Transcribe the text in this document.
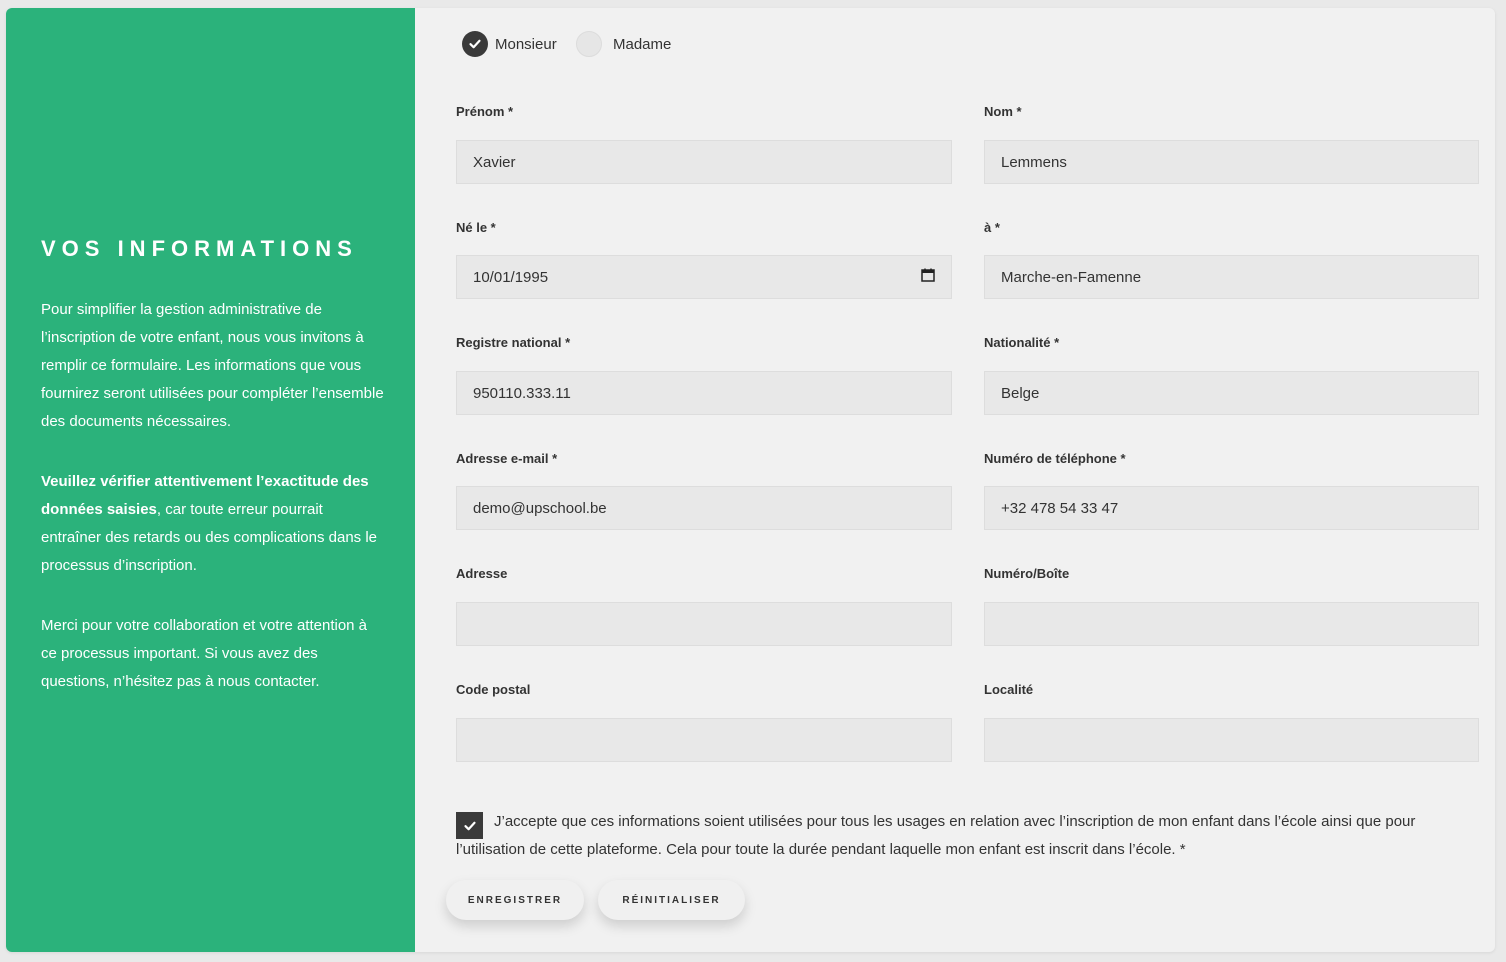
VOS INFORMATIONS

Pour simplifier la gestion administrative de l’inscription de votre enfant, nous vous invitons à remplir ce formulaire. Les informations que vous fournirez seront utilisées pour compléter l’ensemble des documents nécessaires.

Veuillez vérifier attentivement l’exactitude des données saisies, car toute erreur pourrait entraîner des retards ou des complications dans le processus d’inscription.

Merci pour votre collaboration et votre attention à ce processus important. Si vous avez des questions, n’hésitez pas à nous contacter.

Monsieur	Madame
Prénom *
Xavier
Nom *
Lemmens
Né le *
10/01/1995
à *
Marche-en-Famenne
Registre national *
950110.333.11
Nationalité *
Belge
Adresse e-mail *
demo@upschool.be
Numéro de téléphone *
+32 478 54 33 47
Adresse	Numéro/Boîte
Code postal	Localité

J’accepte que ces informations soient utilisées pour tous les usages en relation avec l’inscription de mon enfant dans l’école ainsi que pour l’utilisation de cette plateforme. Cela pour toute la durée pendant laquelle mon enfant est inscrit dans l’école. *

ENREGISTRER	RÉINITIALISER
